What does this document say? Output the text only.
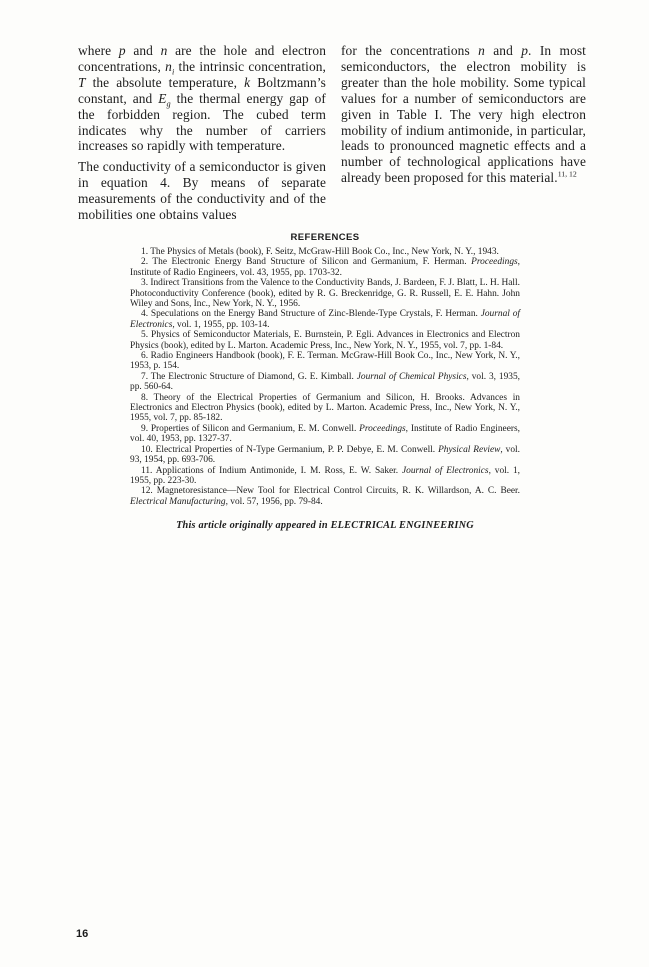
where p and n are the hole and electron concentrations, $n_i$ the intrinsic concentration, T the absolute temperature, k Boltzmann’s constant, and $E_g$ the thermal energy gap of the forbidden region. The cubed term indicates why the number of carriers increases so rapidly with temperature.

The conductivity of a semiconductor is given in equation 4. By means of separate measurements of the conductivity and of the mobilities one obtains values

for the concentrations n and p. In most semiconductors, the electron mobility is greater than the hole mobility. Some typical values for a number of semiconductors are given in Table I. The very high electron mobility of indium antimonide, in particular, leads to pronounced magnetic effects and a number of technological applications have already been proposed for this material.$^{11, 12}$

REFERENCES

1. The Physics of Metals (book), F. Seitz, McGraw-Hill Book Co., Inc., New York, N. Y., 1943.

2. The Electronic Energy Band Structure of Silicon and Germanium, F. Herman. Proceedings, Institute of Radio Engineers, vol. 43, 1955, pp. 1703-32.

3. Indirect Transitions from the Valence to the Conductivity Bands, J. Bardeen, F. J. Blatt, L. H. Hall. Photoconductivity Conference (book), edited by R. G. Breckenridge, G. R. Russell, E. E. Hahn. John Wiley and Sons, Inc., New York, N. Y., 1956.

4. Speculations on the Energy Band Structure of Zinc-Blende-Type Crystals, F. Herman. Journal of Electronics, vol. 1, 1955, pp. 103-14.

5. Physics of Semiconductor Materials, E. Burnstein, P. Egli. Advances in Electronics and Electron Physics (book), edited by L. Marton. Academic Press, Inc., New York, N. Y., 1955, vol. 7, pp. 1-84.

6. Radio Engineers Handbook (book), F. E. Terman. McGraw-Hill Book Co., Inc., New York, N. Y., 1953, p. 154.

7. The Electronic Structure of Diamond, G. E. Kimball. Journal of Chemical Physics, vol. 3, 1935, pp. 560-64.

8. Theory of the Electrical Properties of Germanium and Silicon, H. Brooks. Advances in Electronics and Electron Physics (book), edited by L. Marton. Academic Press, Inc., New York, N. Y., 1955, vol. 7, pp. 85-182.

9. Properties of Silicon and Germanium, E. M. Conwell. Proceedings, Institute of Radio Engineers, vol. 40, 1953, pp. 1327-37.

10. Electrical Properties of N-Type Germanium, P. P. Debye, E. M. Conwell. Physical Review, vol. 93, 1954, pp. 693-706.

11. Applications of Indium Antimonide, I. M. Ross, E. W. Saker. Journal of Electronics, vol. 1, 1955, pp. 223-30.

12. Magnetoresistance—New Tool for Electrical Control Circuits, R. K. Willardson, A. C. Beer. Electrical Manufacturing, vol. 57, 1956, pp. 79-84.

This article originally appeared in ELECTRICAL ENGINEERING
16
